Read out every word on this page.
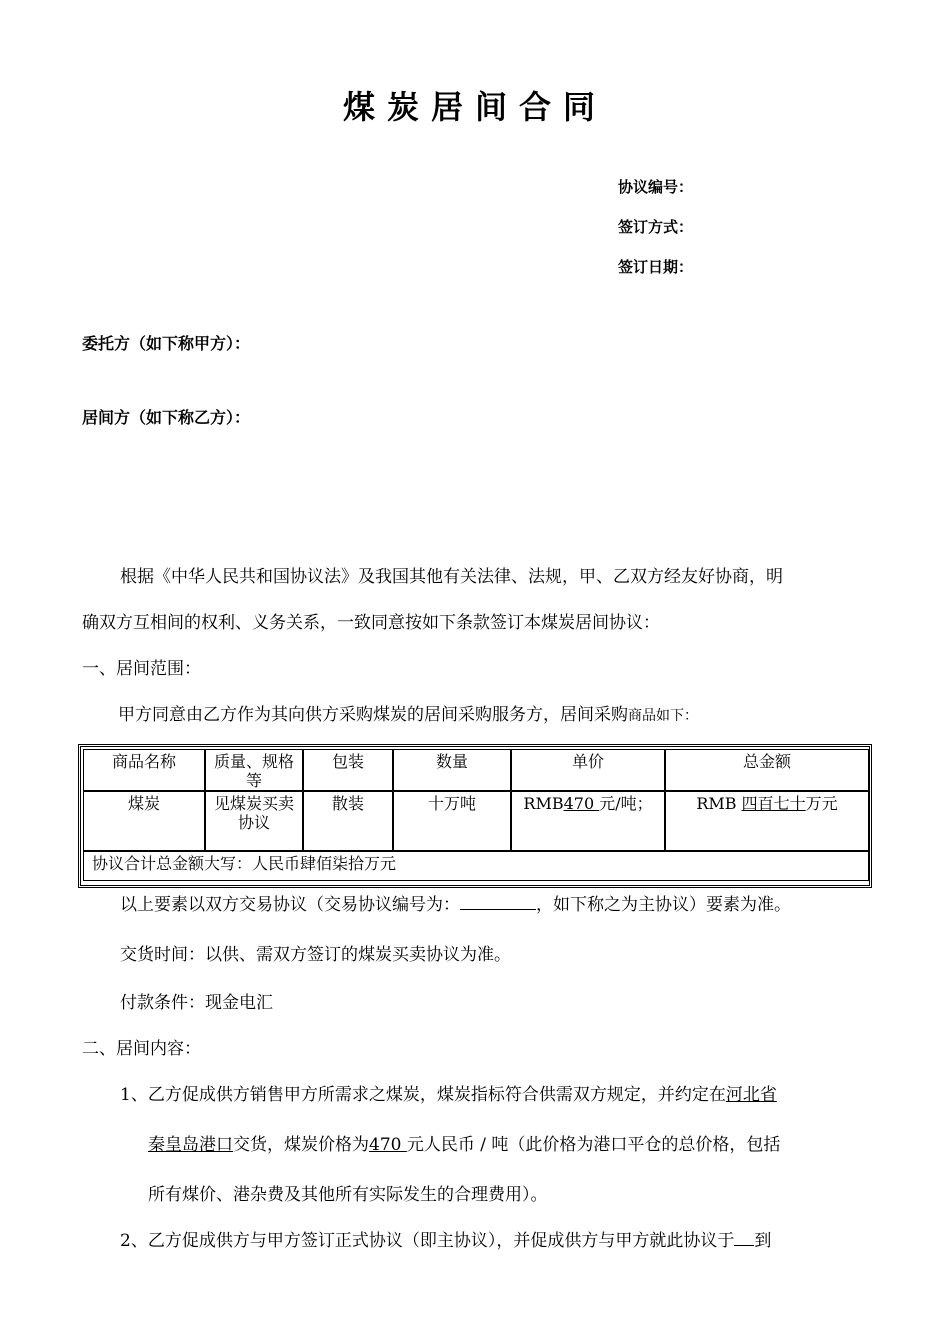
煤炭居间合同
协议编号：
签订方式：
签订日期：
委托方（如下称甲方）：
居间方（如下称乙方）：
根据《中华人民共和国协议法》及我国其他有关法律、法规，甲、乙双方经友好协商，明
确双方互相间的权利、义务关系，一致同意按如下条款签订本煤炭居间协议：
一、居间范围：
甲方同意由乙方作为其向供方采购煤炭的居间采购服务方，居间采购商品如下：
商品名称	质量、规格等	包装	数量	单价	总金额
煤炭	见煤炭买卖协议	散装	十万吨	RMB470 元/吨；	RMB 四百七十万元
协议合计总金额大写：人民币肆佰柒拾万元					
以上要素以双方交易协议（交易协议编号为：	，如下称之为主协议）要素为准。
交货时间：以供、需双方签订的煤炭买卖协议为准。
付款条件：现金电汇
二、居间内容：
1、乙方促成供方销售甲方所需求之煤炭，煤炭指标符合供需双方规定，并约定在河北省
秦皇岛港口交货，煤炭价格为470 元人民币 / 吨（此价格为港口平仓的总价格，包括
所有煤价、港杂费及其他所有实际发生的合理费用）。
2、乙方促成供方与甲方签订正式协议（即主协议），并促成供方与甲方就此协议于 到
